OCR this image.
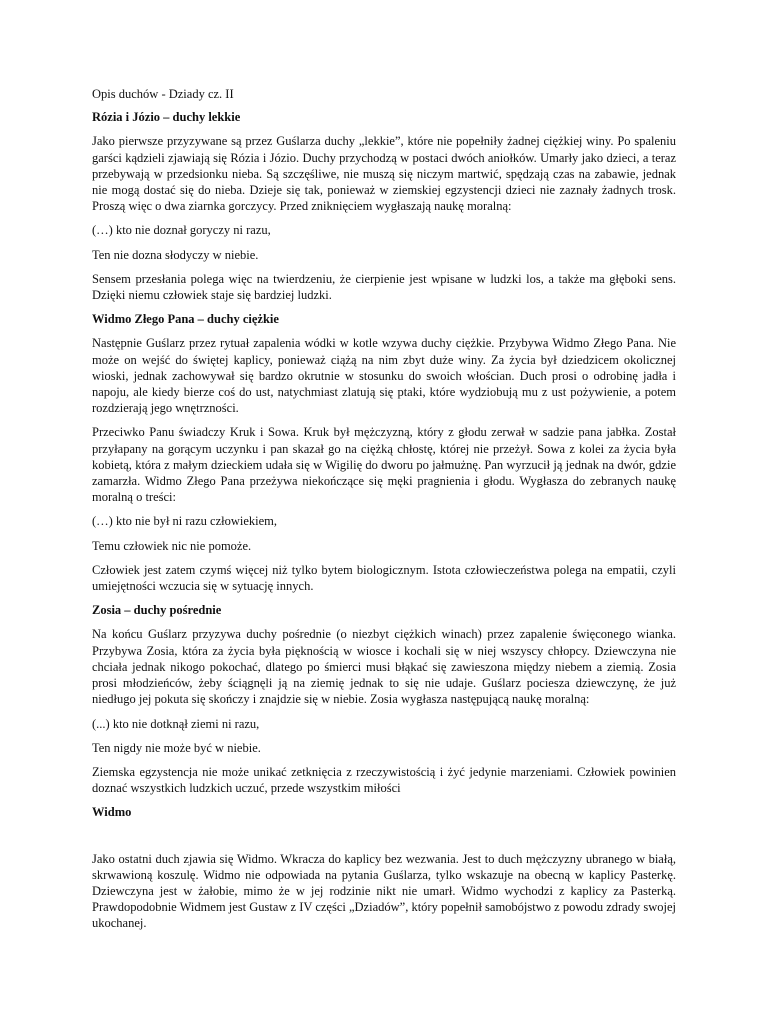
Opis duchów - Dziady cz. II

Rózia i Józio – duchy lekkie

Jako pierwsze przyzywane są przez Guślarza duchy „lekkie”, które nie popełniły żadnej ciężkiej winy. Po spaleniu garści kądzieli zjawiają się Rózia i Józio. Duchy przychodzą w postaci dwóch aniołków. Umarły jako dzieci, a teraz przebywają w przedsionku nieba. Są szczęśliwe, nie muszą się niczym martwić, spędzają czas na zabawie, jednak nie mogą dostać się do nieba. Dzieje się tak, ponieważ w ziemskiej egzystencji dzieci nie zaznały żadnych trosk. Proszą więc o dwa ziarnka gorczycy. Przed zniknięciem wygłaszają naukę moralną:

(…) kto nie doznał goryczy ni razu,

Ten nie dozna słodyczy w niebie.

Sensem przesłania polega więc na twierdzeniu, że cierpienie jest wpisane w ludzki los, a także ma głęboki sens. Dzięki niemu człowiek staje się bardziej ludzki.

Widmo Złego Pana – duchy ciężkie

Następnie Guślarz przez rytuał zapalenia wódki w kotle wzywa duchy ciężkie. Przybywa Widmo Złego Pana. Nie może on wejść do świętej kaplicy, ponieważ ciążą na nim zbyt duże winy. Za życia był dziedzicem okolicznej wioski, jednak zachowywał się bardzo okrutnie w stosunku do swoich włościan. Duch prosi o odrobinę jadła i napoju, ale kiedy bierze coś do ust, natychmiast zlatują się ptaki, które wydziobują mu z ust pożywienie, a potem rozdzierają jego wnętrzności.

Przeciwko Panu świadczy Kruk i Sowa. Kruk był mężczyzną, który z głodu zerwał w sadzie pana jabłka. Został przyłapany na gorącym uczynku i pan skazał go na ciężką chłostę, której nie przeżył. Sowa z kolei za życia była kobietą, która z małym dzieckiem udała się w Wigilię do dworu po jałmużnę. Pan wyrzucił ją jednak na dwór, gdzie zamarzła. Widmo Złego Pana przeżywa niekończące się męki pragnienia i głodu. Wygłasza do zebranych naukę moralną o treści:

(…) kto nie był ni razu człowiekiem,

Temu człowiek nic nie pomoże.

Człowiek jest zatem czymś więcej niż tylko bytem biologicznym. Istota człowieczeństwa polega na empatii, czyli umiejętności wczucia się w sytuację innych.

Zosia – duchy pośrednie

Na końcu Guślarz przyzywa duchy pośrednie (o niezbyt ciężkich winach) przez zapalenie święconego wianka. Przybywa Zosia, która za życia była pięknością w wiosce i kochali się w niej wszyscy chłopcy. Dziewczyna nie chciała jednak nikogo pokochać, dlatego po śmierci musi błąkać się zawieszona między niebem a ziemią. Zosia prosi młodzieńców, żeby ściągnęli ją na ziemię jednak to się nie udaje. Guślarz pociesza dziewczynę, że już niedługo jej pokuta się skończy i znajdzie się w niebie. Zosia wygłasza następującą naukę moralną:

(...) kto nie dotknął ziemi ni razu,

Ten nigdy nie może być w niebie.

Ziemska egzystencja nie może unikać zetknięcia z rzeczywistością i żyć jedynie marzeniami. Człowiek powinien doznać wszystkich ludzkich uczuć, przede wszystkim miłości

Widmo

Jako ostatni duch zjawia się Widmo. Wkracza do kaplicy bez wezwania. Jest to duch mężczyzny ubranego w białą, skrwawioną koszulę. Widmo nie odpowiada na pytania Guślarza, tylko wskazuje na obecną w kaplicy Pasterkę. Dziewczyna jest w żałobie, mimo że w jej rodzinie nikt nie umarł. Widmo wychodzi z kaplicy za Pasterką. Prawdopodobnie Widmem jest Gustaw z IV części „Dziadów”, który popełnił samobójstwo z powodu zdrady swojej ukochanej.
